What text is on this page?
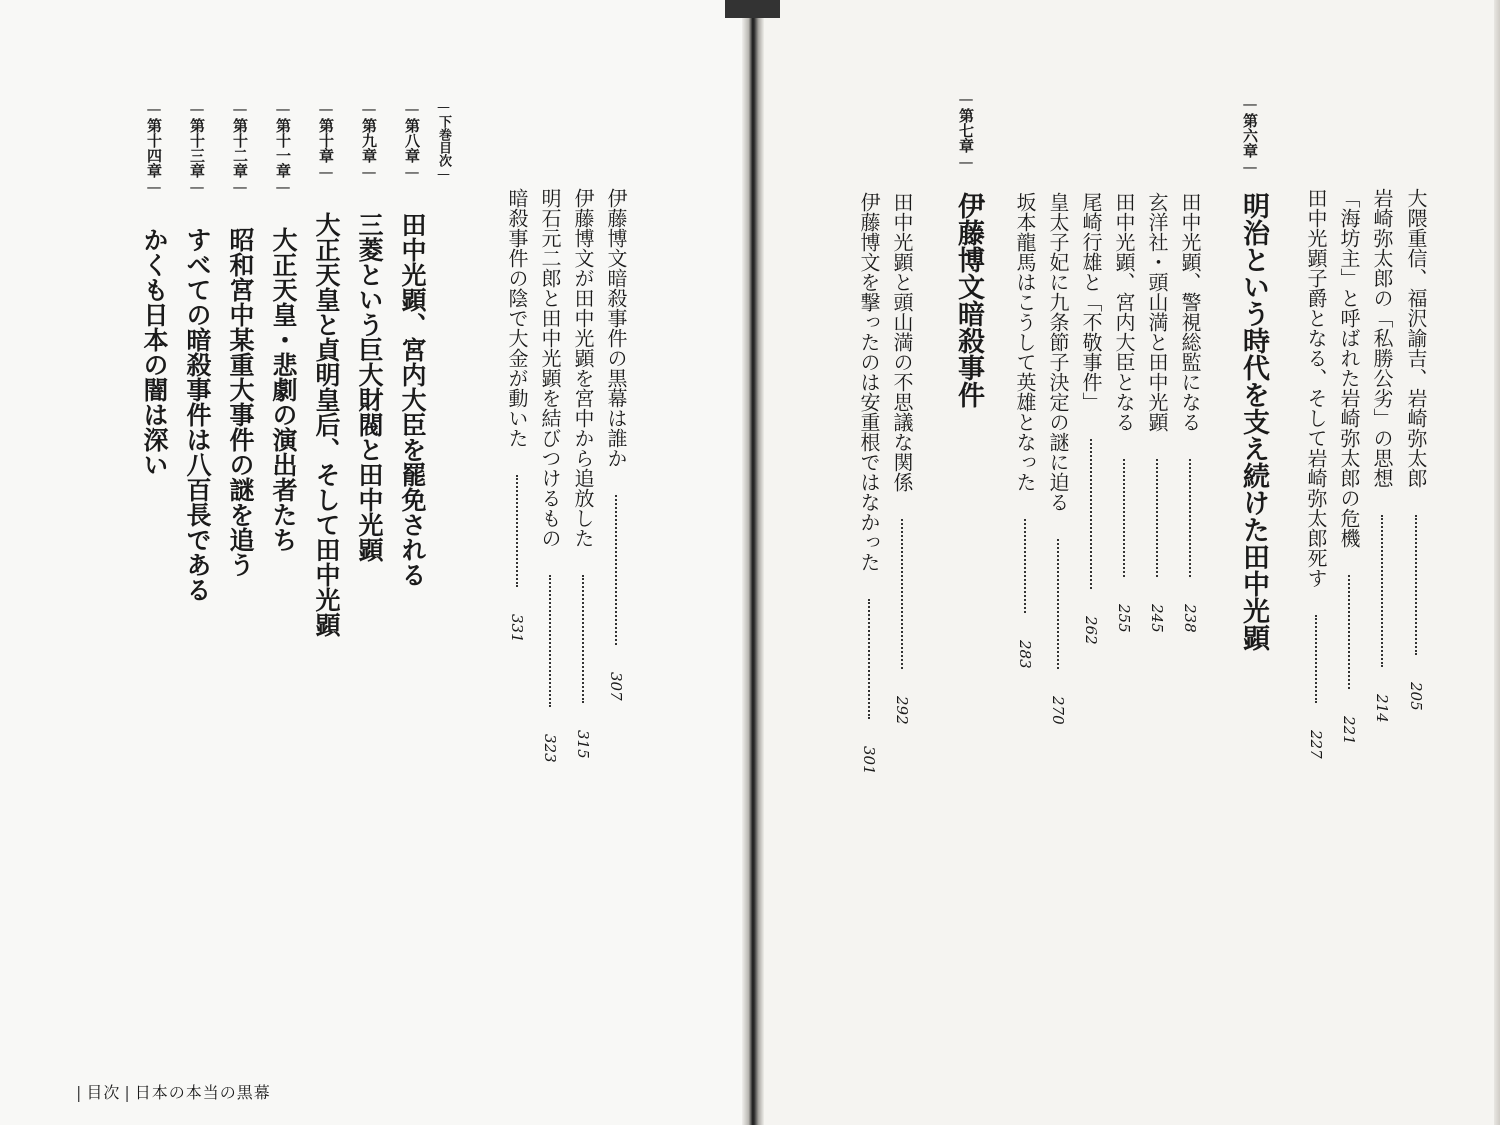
大隈重信、福沢諭吉、岩崎弥太郎  205
岩崎弥太郎の「私勝公劣」の思想  214
「海坊主」と呼ばれた岩崎弥太郎の危機  221
田中光顕子爵となる、そして岩崎弥太郎死す  227
—第六章—
明治という時代を支え続けた田中光顕
田中光顕、警視総監になる  238
玄洋社・頭山満と田中光顕  245
田中光顕、宮内大臣となる  255
尾崎行雄と「不敬事件」  262
皇太子妃に九条節子決定の謎に迫る  270
坂本龍馬はこうして英雄となった  283
—第七章—
伊藤博文暗殺事件
田中光顕と頭山満の不思議な関係  292
伊藤博文を撃ったのは安重根ではなかった  301
伊藤博文暗殺事件の黒幕は誰か  307
伊藤博文が田中光顕を宮中から追放した  315
明石元二郎と田中光顕を結びつけるもの  323
暗殺事件の陰で大金が動いた  331
—下巻目次—
—第八章— 田中光顕、宮内大臣を罷免される
—第九章— 三菱という巨大財閥と田中光顕
—第十章— 大正天皇と貞明皇后、そして田中光顕
—第十一章— 大正天皇・悲劇の演出者たち
—第十二章— 昭和宮中某重大事件の謎を追う
—第十三章— すべての暗殺事件は八百長である
—第十四章— かくも日本の闇は深い
| 目次 | 日本の本当の黒幕
